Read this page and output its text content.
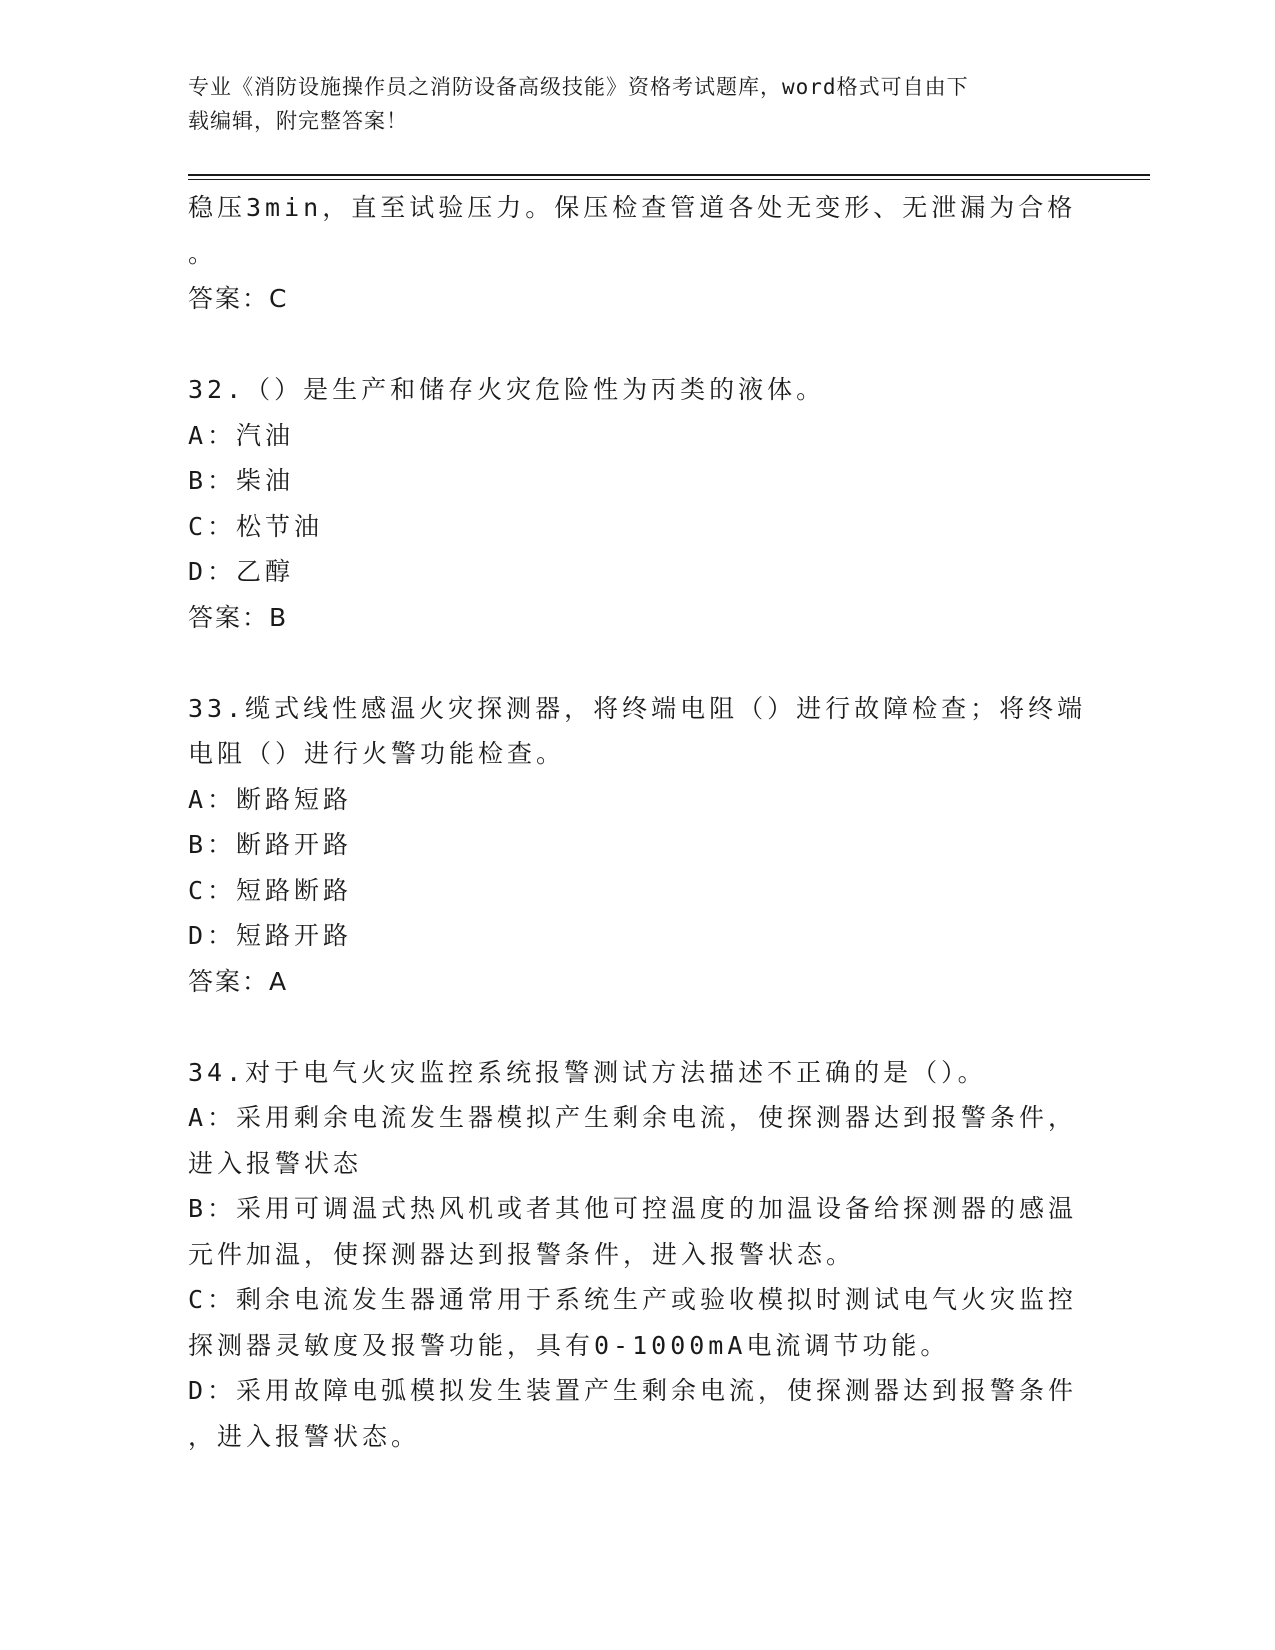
专业《消防设施操作员之消防设备高级技能》资格考试题库，word格式可自由下
载编辑，附完整答案！
稳压3min，直至试验压力。保压检查管道各处无变形、无泄漏为合格
。
答案：C
32.（）是生产和储存火灾危险性为丙类的液体。
A：汽油
B：柴油
C：松节油
D：乙醇
答案：B
33.缆式线性感温火灾探测器，将终端电阻（）进行故障检查；将终端
电阻（）进行火警功能检查。
A：断路短路
B：断路开路
C：短路断路
D：短路开路
答案：A
34.对于电气火灾监控系统报警测试方法描述不正确的是（）。
A：采用剩余电流发生器模拟产生剩余电流，使探测器达到报警条件，
进入报警状态
B：采用可调温式热风机或者其他可控温度的加温设备给探测器的感温
元件加温，使探测器达到报警条件，进入报警状态。
C：剩余电流发生器通常用于系统生产或验收模拟时测试电气火灾监控
探测器灵敏度及报警功能，具有0-1000mA电流调节功能。
D：采用故障电弧模拟发生装置产生剩余电流，使探测器达到报警条件
，进入报警状态。
